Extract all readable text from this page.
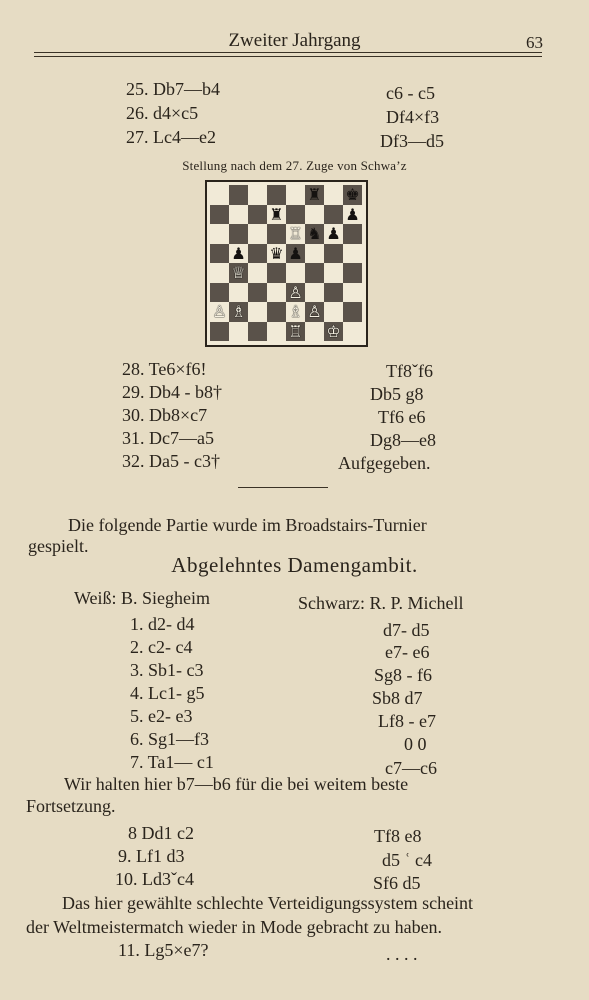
Zweiter Jahrgang	63
25. Db7—b4	c6 - c5
26. d4×c5	Df4×f3
27. Lc4—e2	Df3—d5
Stellung nach dem 27. Zuge von Schwaʼz
♜ ♚
♜	♟
♖ ♞ ♟
♟ ♛ ♟
♕
♙
♙ ♗	♗ ♙
♖ ♔
28. Te6×f6!	Tf8ˇf6
29. Db4 - b8†	Db5 g8
30. Db8×c7	Tf6 e6
31. Dc7—a5	Dg8—e8
32. Da5 - c3†	Aufgegeben.
Die folgende Partie wurde im Broadstairs-Turnier
gespielt.
Abgelehntes Damengambit.
Weiß: B. Siegheim	Schwarz: R. P. Michell
1. d2- d4	d7- d5
2. c2- c4	e7- e6
3. Sb1- c3	Sg8 - f6
4. Lc1- g5	Sb8 d7
5. e2- e3	Lf8 - e7
6. Sg1—f3	0 0
7. Ta1— c1	c7—c6
Wir halten hier b7—b6 für die bei weitem beste
Fortsetzung.
8 Dd1 c2	Tf8 e8
9. Lf1 d3	d5 ʿ c4
10. Ld3ˇc4	Sf6 d5
Das hier gewählte schlechte Verteidigungssystem scheint
der Weltmeistermatch wieder in Mode gebracht zu haben.
11. Lg5×e7?	. . . .
